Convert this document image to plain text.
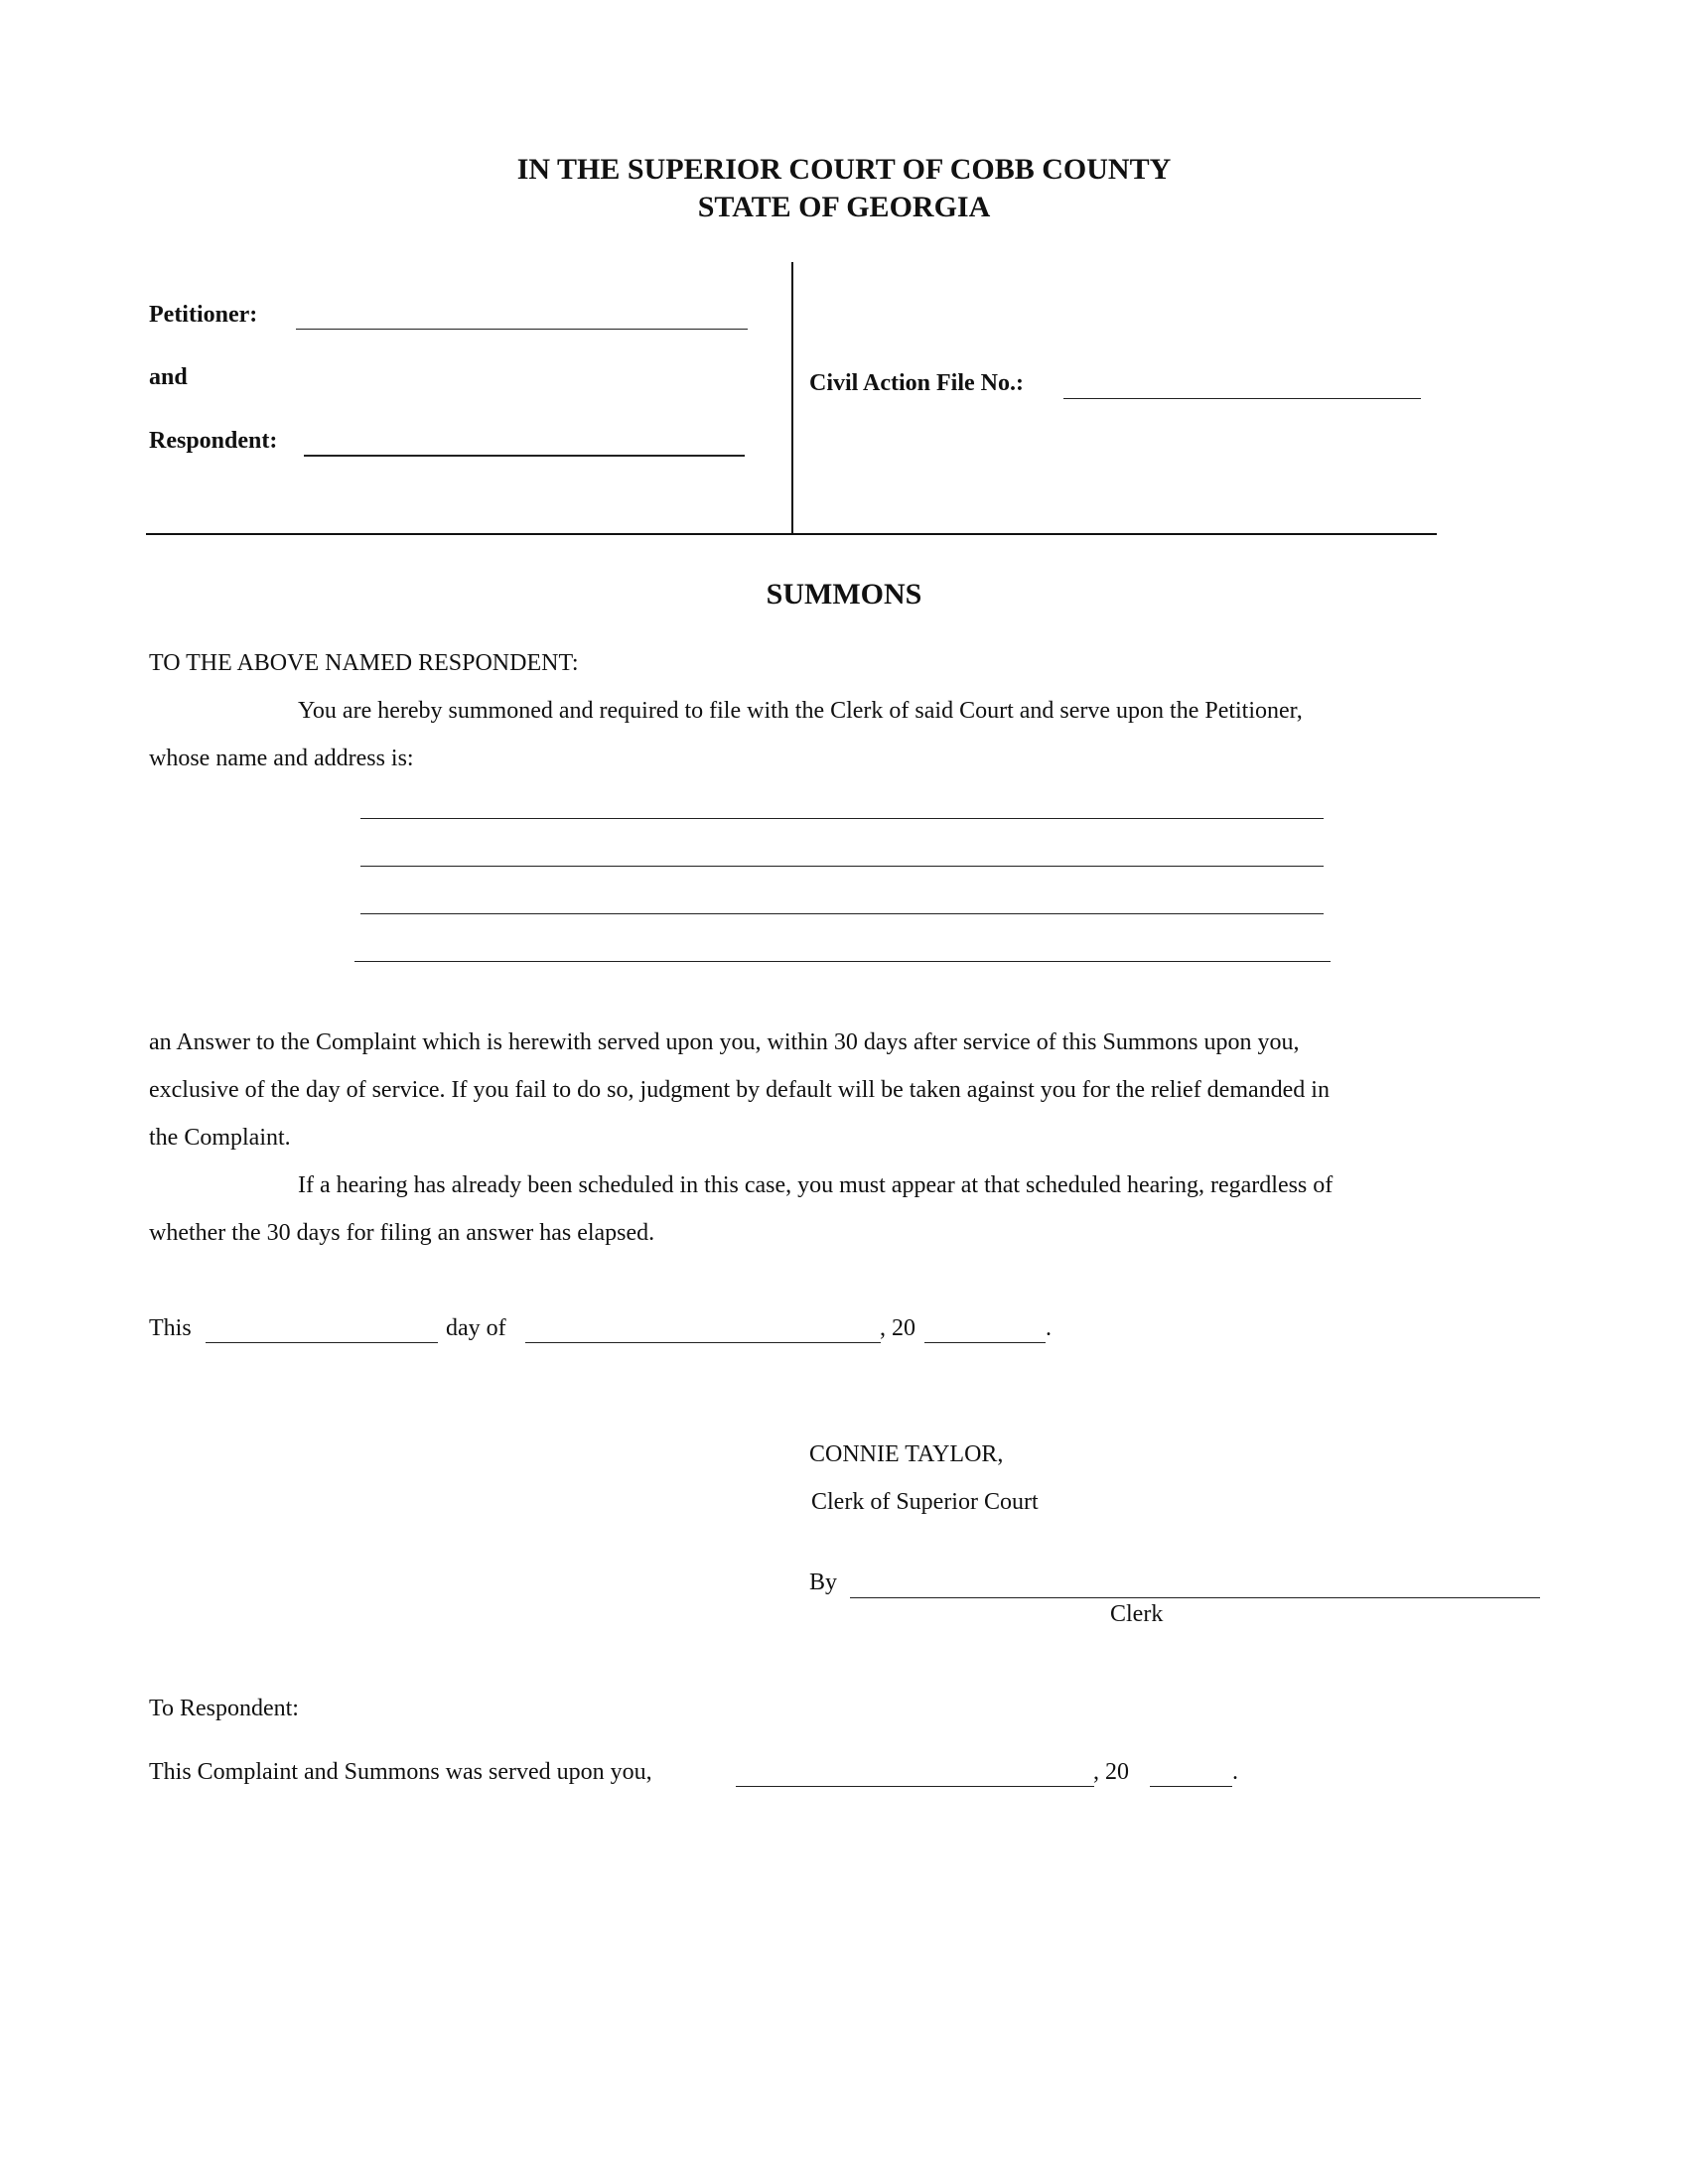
IN THE SUPERIOR COURT OF COBB COUNTY
STATE OF GEORGIA
Petitioner:
and
Respondent:
Civil Action File No.:
SUMMONS
TO THE ABOVE NAMED RESPONDENT:
You are hereby summoned and required to file with the Clerk of said Court and serve upon the Petitioner,
whose name and address is:
an Answer to the Complaint which is herewith served upon you, within 30 days after service of this Summons upon you,
exclusive of the day of service. If you fail to do so, judgment by default will be taken against you for the relief demanded in
the Complaint.
If a hearing has already been scheduled in this case, you must appear at that scheduled hearing, regardless of
whether the 30 days for filing an answer has elapsed.
This	day of	, 20	.
CONNIE TAYLOR,
Clerk of Superior Court
By
Clerk
To Respondent:
This Complaint and Summons was served upon you,	, 20	.
